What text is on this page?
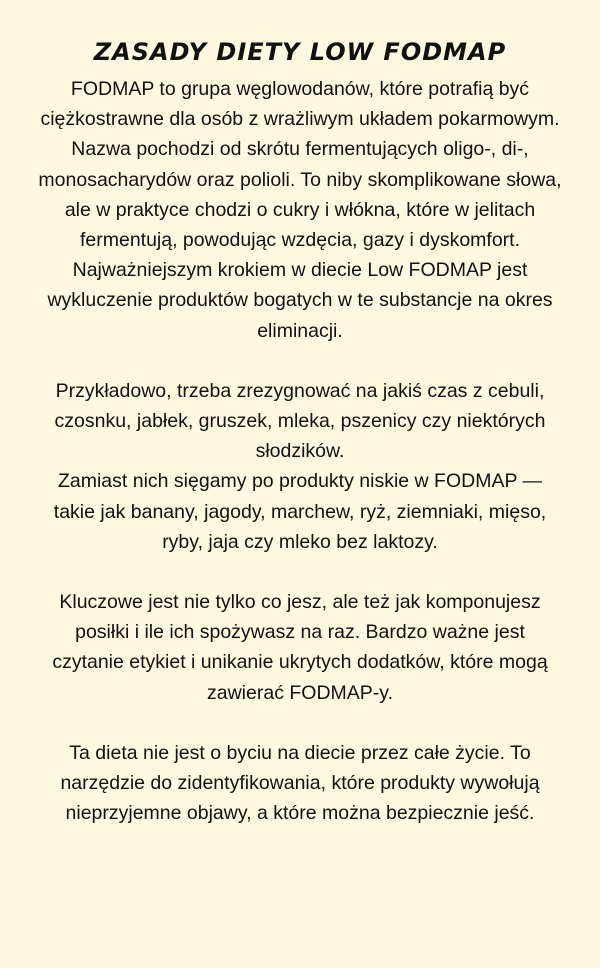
ZASADY DIETY LOW FODMAP

FODMAP to grupa węglowodanów, które potrafią być ciężkostrawne dla osób z wrażliwym układem pokarmowym. Nazwa pochodzi od skrótu fermentujących oligo-, di-, monosacharydów oraz polioli. To niby skomplikowane słowa, ale w praktyce chodzi o cukry i włókna, które w jelitach fermentują, powodując wzdęcia, gazy i dyskomfort. Najważniejszym krokiem w diecie Low FODMAP jest wykluczenie produktów bogatych w te substancje na okres eliminacji.

Przykładowo, trzeba zrezygnować na jakiś czas z cebuli, czosnku, jabłek, gruszek, mleka, pszenicy czy niektórych słodzików.
Zamiast nich sięgamy po produkty niskie w FODMAP — takie jak banany, jagody, marchew, ryż, ziemniaki, mięso, ryby, jaja czy mleko bez laktozy.

Kluczowe jest nie tylko co jesz, ale też jak komponujesz posiłki i ile ich spożywasz na raz. Bardzo ważne jest czytanie etykiet i unikanie ukrytych dodatków, które mogą zawierać FODMAP-y.

Ta dieta nie jest o byciu na diecie przez całe życie. To narzędzie do zidentyfikowania, które produkty wywołują nieprzyjemne objawy, a które można bezpiecznie jeść.
